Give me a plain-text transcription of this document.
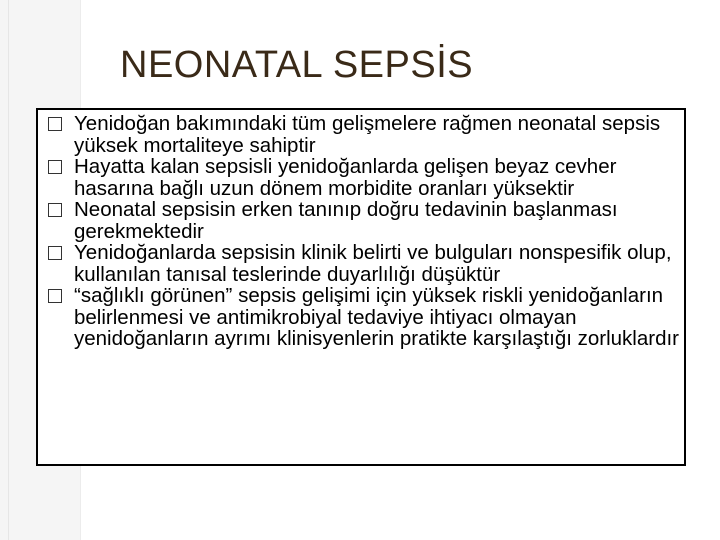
NEONATAL SEPSİS
Yenidoğan bakımındaki tüm gelişmelere rağmen neonatal sepsis yüksek mortaliteye sahiptir
Hayatta kalan sepsisli yenidoğanlarda gelişen beyaz cevher hasarına bağlı uzun dönem morbidite oranları yüksektir
Neonatal sepsisin erken tanınıp doğru tedavinin başlanması gerekmektedir
Yenidoğanlarda sepsisin klinik belirti ve bulguları nonspesifik olup, kullanılan tanısal teslerinde duyarlılığı düşüktür
“sağlıklı görünen” sepsis gelişimi için yüksek riskli yenidoğanların belirlenmesi ve antimikrobiyal tedaviye ihtiyacı olmayan yenidoğanların ayrımı klinisyenlerin pratikte karşılaştığı zorluklardır
